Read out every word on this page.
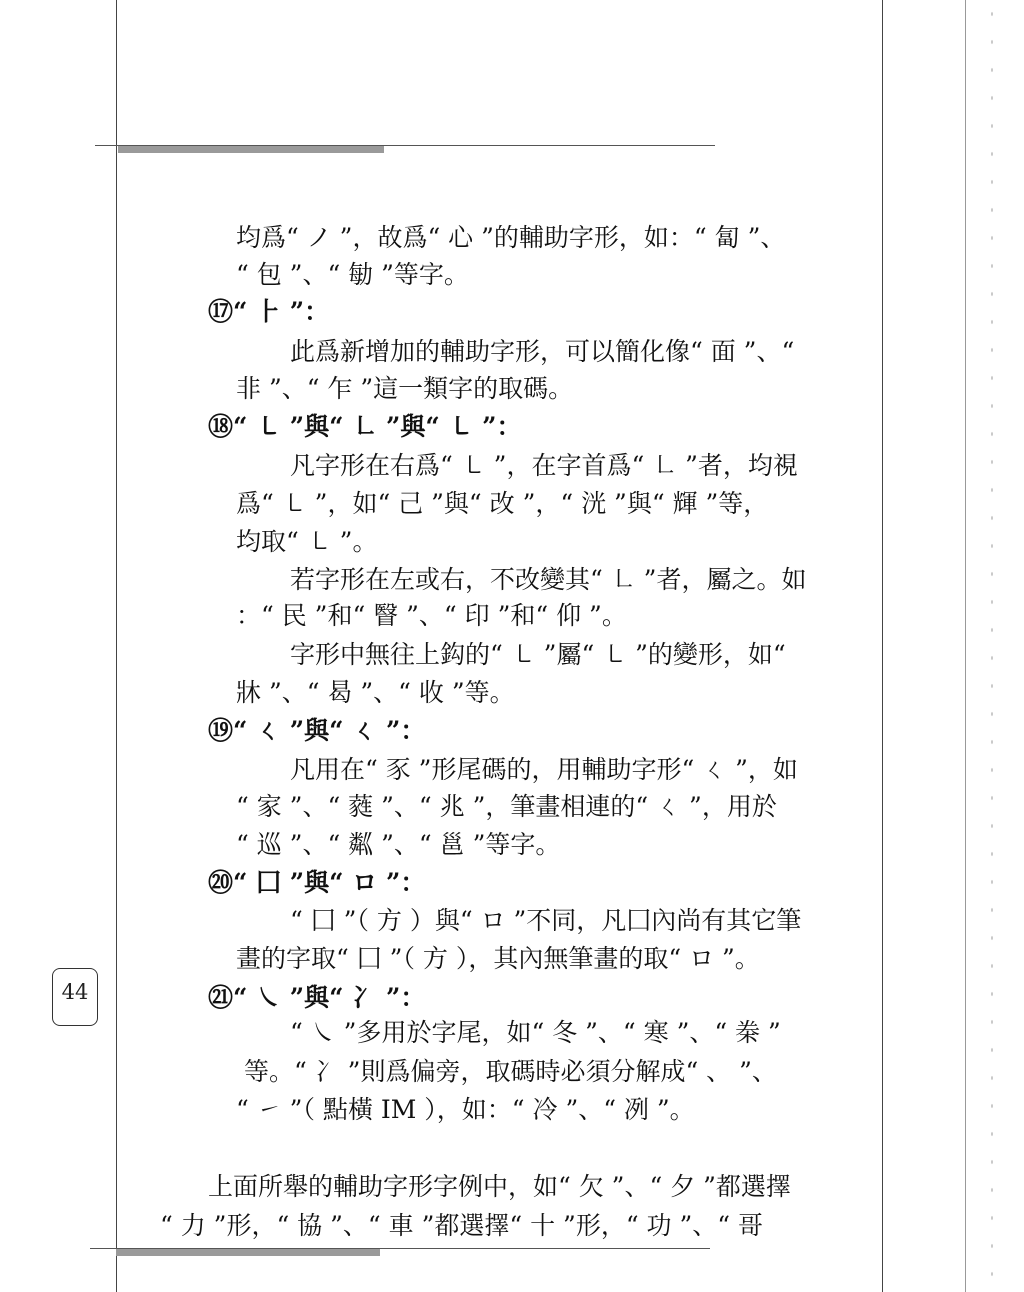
44
均爲“ ノ ”，故爲“ 心 ”的輔助字形，如：“ 匐 ”、
“ 包 ”、“ 勄 ”等字。
⑰“ ⺊ ”：
此爲新增加的輔助字形，可以簡化像“ 面 ”、“
非 ”、“ 乍 ”這一類字的取碼。
⑱“ ㇄ ”與“ ㇗ ”與“ ㇄ ”：
凡字形在右爲“ ㇄ ”，在字首爲“ ㇗ ”者，均視
爲“ ㇄ ”，如“ 己 ”與“ 改 ”，“ 洸 ”與“ 輝 ”等，
均取“ ㇄ ”。
若字形在左或右，不改變其“ ㇗ ”者，屬之。如
：“ 民 ”和“ 瞖 ”、“ 印 ”和“ 仰 ”。
字形中無往上鈎的“ ㇄ ”屬“ ㇄ ”的變形，如“
牀 ”、“ 曷 ”、“ 收 ”等。
⑲“ ㄑ ”與“ ㄑ ”：
凡用在“ 豕 ”形尾碼的，用輔助字形“ ㄑ ”，如
“ 家 ”、“ 蕤 ”、“ 兆 ”，筆畫相連的“ ㄑ ”，用於
“ 巡 ”、“ 粼 ”、“ 邕 ”等字。
⑳“ 囗 ”與“ ロ ”：
“ 囗 ”（ 方 ）與“ ロ ”不同，凡囗內尚有其它筆
畫的字取“ 囗 ”（ 方 ），其內無筆畫的取“ ロ ”。
㉑“ ㇏ ”與“ 冫 ”：
“ ㇏ ”多用於字尾，如“ 冬 ”、“ 寒 ”、“ 桊 ”
等。“ 冫 ”則爲偏旁，取碼時必須分解成“ 、 ”、
“ ㇀ ”（ 點橫 IM ），如：“ 冷 ”、“ 冽 ”。
上面所舉的輔助字形字例中，如“ 欠 ”、“ 夕 ”都選擇
“ 力 ”形，“ 協 ”、“ 車 ”都選擇“ 十 ”形，“ 功 ”、“ 哥
